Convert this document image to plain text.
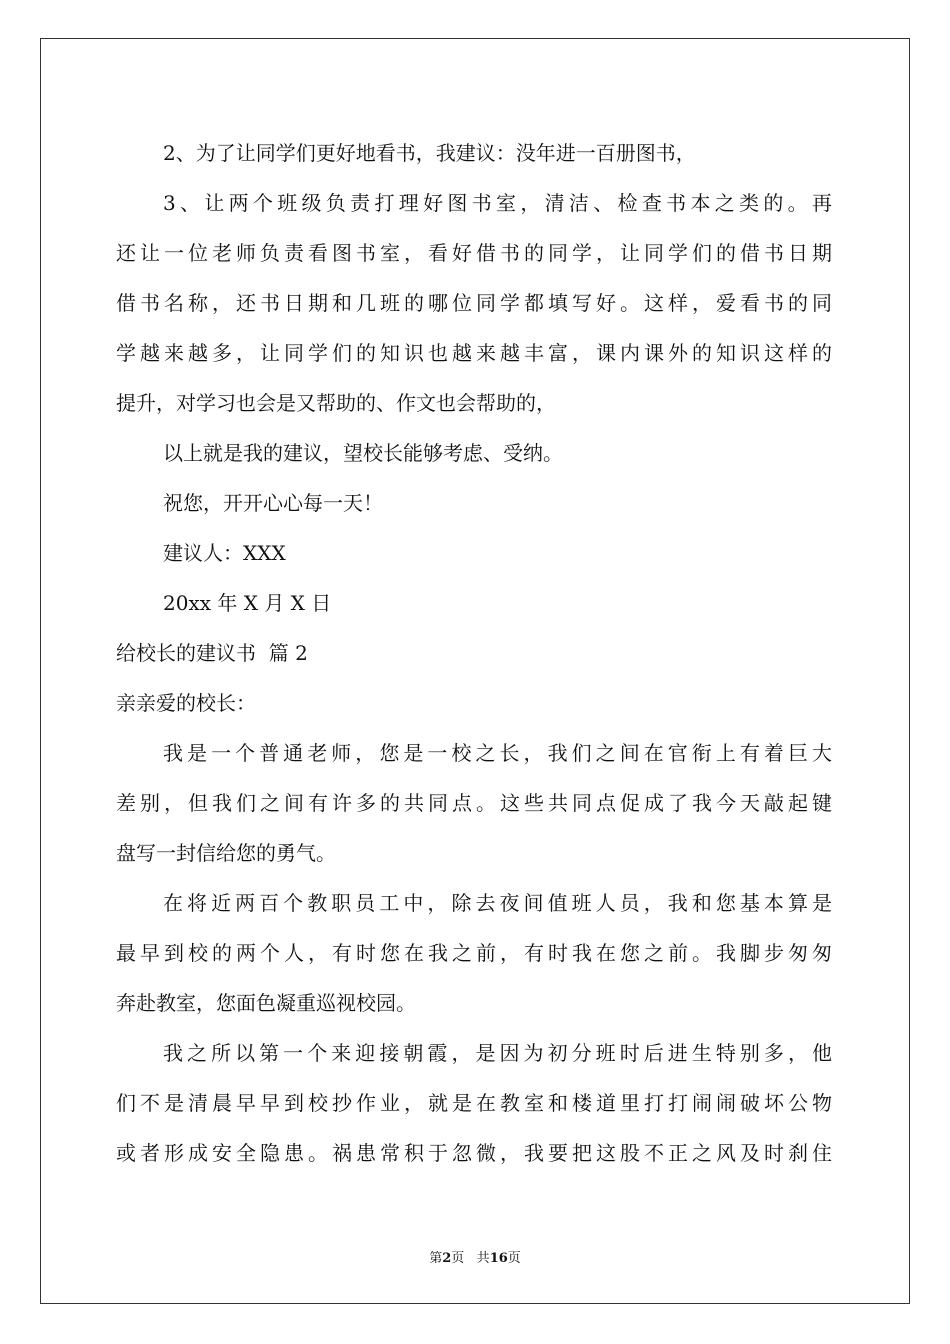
2、为了让同学们更好地看书，我建议：没年进一百册图书，
3、让两个班级负责打理好图书室，清洁、检查书本之类的。再
还让一位老师负责看图书室，看好借书的同学，让同学们的借书日期
借书名称，还书日期和几班的哪位同学都填写好。这样，爱看书的同
学越来越多，让同学们的知识也越来越丰富，课内课外的知识这样的
提升，对学习也会是又帮助的、作文也会帮助的，
以上就是我的建议，望校长能够考虑、受纳。
祝您，开开心心每一天！
建议人：XXX
20xx 年 X 月 X 日
给校长的建议书  篇 2
亲亲爱的校长：
我是一个普通老师，您是一校之长，我们之间在官衔上有着巨大
差别，但我们之间有许多的共同点。这些共同点促成了我今天敲起键
盘写一封信给您的勇气。
在将近两百个教职员工中，除去夜间值班人员，我和您基本算是
最早到校的两个人，有时您在我之前，有时我在您之前。我脚步匆匆
奔赴教室，您面色凝重巡视校园。
我之所以第一个来迎接朝霞，是因为初分班时后进生特别多，他
们不是清晨早早到校抄作业，就是在教室和楼道里打打闹闹破坏公物
或者形成安全隐患。祸患常积于忽微，我要把这股不正之风及时刹住
第2页 共16页
